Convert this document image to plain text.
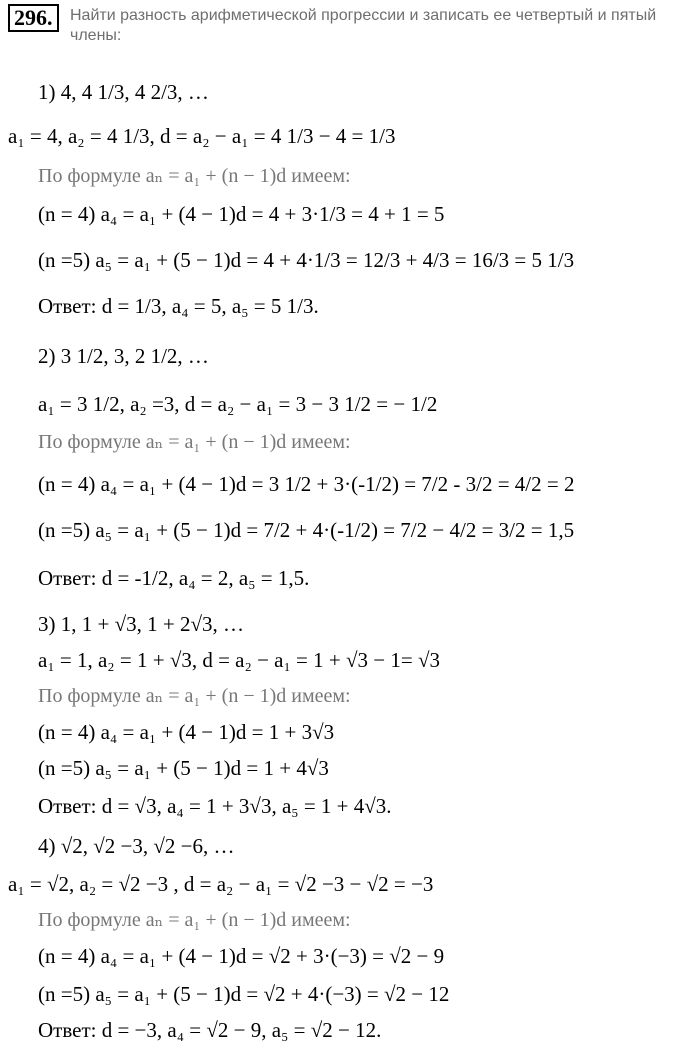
296.	Найти разность арифметической прогрессии и записать ее четвертый и пятый члены:
1) 4, 4 1/3, 4 2/3, …
a₁ = 4, a₂ = 4 1/3, d = a₂ − a₁ = 4 1/3 − 4 = 1/3
По формуле aₙ = a₁ + (n − 1)d имеем:
(n = 4) a₄ = a₁ + (4 − 1)d = 4 + 3·1/3 = 4 + 1 = 5
(n =5) a₅ = a₁ + (5 − 1)d = 4 + 4·1/3 = 12/3 + 4/3 = 16/3 = 5 1/3
Ответ: d = 1/3, a₄ = 5, a₅ = 5 1/3.
2) 3 1/2, 3, 2 1/2, …
a₁ = 3 1/2, a₂ =3, d = a₂ − a₁ = 3 − 3 1/2 = − 1/2
По формуле aₙ = a₁ + (n − 1)d имеем:
(n = 4) a₄ = a₁ + (4 − 1)d = 3 1/2 + 3·(-1/2) = 7/2 - 3/2 = 4/2 = 2
(n =5) a₅ = a₁ + (5 − 1)d = 7/2 + 4·(-1/2) = 7/2 − 4/2 = 3/2 = 1,5
Ответ: d = -1/2, a₄ = 2, a₅ = 1,5.
3) 1, 1 + √3, 1 + 2√3, …
a₁ = 1, a₂ = 1 + √3, d = a₂ − a₁ = 1 + √3 − 1= √3
По формуле aₙ = a₁ + (n − 1)d имеем:
(n = 4) a₄ = a₁ + (4 − 1)d = 1 + 3√3
(n =5) a₅ = a₁ + (5 − 1)d = 1 + 4√3
Ответ: d = √3, a₄ = 1 + 3√3, a₅ = 1 + 4√3.
4) √2, √2 −3, √2 −6, …
a₁ = √2, a₂ = √2 −3 , d = a₂ − a₁ = √2 −3 − √2 = −3
По формуле aₙ = a₁ + (n − 1)d имеем:
(n = 4) a₄ = a₁ + (4 − 1)d = √2 + 3·(−3) = √2 − 9
(n =5) a₅ = a₁ + (5 − 1)d = √2 + 4·(−3) = √2 − 12
Ответ: d = −3, a₄ = √2 − 9, a₅ = √2 − 12.
